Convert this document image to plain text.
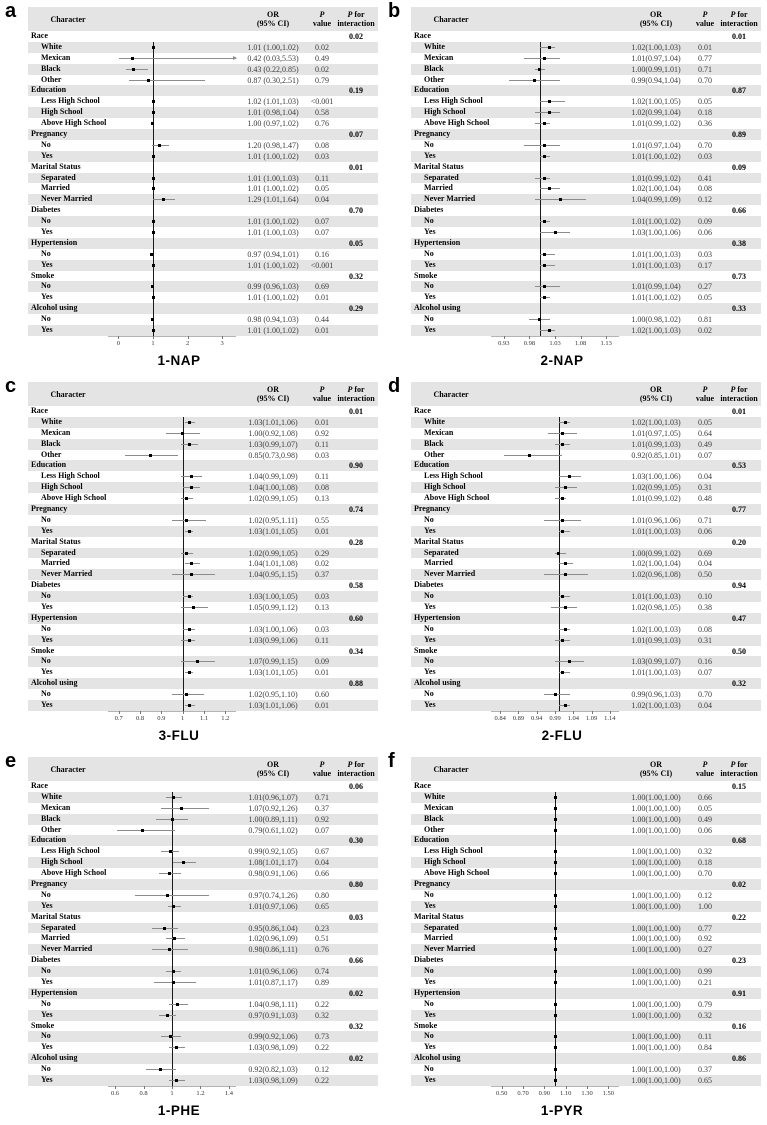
a	Character	OR
(95% CI)
P
value
P for
interaction
Race	0.02
White	1.01 (1.00,1.02)	0.02
Mexican	0.42 (0.03,5.53)	0.49
Black	0.43 (0.22,0.85)	0.02
Other	0.87 (0.30,2.51)	0.79
Education	0.19
Less High School	1.02 (1.01,1.03)	<0.001
High School	1.01 (0.98,1.04)	0.58
Above High School	1.00 (0.97,1.02)	0.76
Pregnancy	0.07
No	1.20 (0.98,1.47)	0.08
Yes	1.01 (1.00,1.02)	0.03
Marital Status	0.01
Separated	1.01 (1.00,1.03)	0.11
Married	1.01 (1.00,1.02)	0.05
Never Married	1.29 (1.01,1.64)	0.04
Diabetes	0.70
No	1.01 (1.00,1.02)	0.07
Yes	1.01 (1.00,1.03)	0.07
Hypertension	0.05
No	0.97 (0.94,1.01)	0.16
Yes	1.01 (1.00,1.02)	<0.001
Smoke	0.32
No	0.99 (0.96,1.03)	0.69
Yes	1.01 (1.00,1.02)	0.01
Alcohol using	0.29
No	0.98 (0.94,1.03)	0.44
Yes	1.01 (1.00,1.02)	0.01
0	1	2	3
1-NAP
b	Character	OR
(95% CI)
P
value
P for
interaction
Race	0.01
White	1.02(1.00,1.03)	0.01
Mexican	1.01(0.97,1.04)	0.77
Black	1.00(0.99,1.01)	0.71
Other	0.99(0.94,1.04)	0.70
Education	0.87
Less High School	1.02(1.00,1.05)	0.05
High School	1.02(0.99,1.04)	0.18
Above High School	1.01(0.99,1.02)	0.36
Pregnancy	0.89
No	1.01(0.97,1.04)	0.70
Yes	1.01(1.00,1.02)	0.03
Marital Status	0.09
Separated	1.01(0.99,1.02)	0.41
Married	1.02(1.00,1.04)	0.08
Never Married	1.04(0.99,1.09)	0.12
Diabetes	0.66
No	1.01(1.00,1.02)	0.09
Yes	1.03(1.00,1.06)	0.06
Hypertension	0.38
No	1.01(1.00,1.03)	0.03
Yes	1.01(1.00,1.03)	0.17
Smoke	0.73
No	1.01(0.99,1.04)	0.27
Yes	1.01(1.00,1.02)	0.05
Alcohol using	0.33
No	1.00(0.98,1.02)	0.81
Yes	1.02(1.00,1.03)	0.02
0.93 0.98 1.03 1.08 1.13
2-NAP
c	Character	OR
(95% CI)
P
value
P for
interaction
Race	0.01
White	1.03(1.01,1.06)	0.01
Mexican	1.00(0.92,1.08)	0.92
Black	1.03(0.99,1.07)	0.11
Other	0.85(0.73,0.98)	0.03
Education	0.90
Less High School	1.04(0.99,1.09)	0.11
High School	1.04(1.00,1.08)	0.08
Above High School	1.02(0.99,1.05)	0.13
Pregnancy	0.74
No	1.02(0.95,1.11)	0.55
Yes	1.03(1.01,1.05)	0.01
Marital Status	0.28
Separated	1.02(0.99,1.05)	0.29
Married	1.04(1.01,1.08)	0.02
Never Married	1.04(0.95,1.15)	0.37
Diabetes	0.58
No	1.03(1.00,1.05)	0.03
Yes	1.05(0.99,1.12)	0.13
Hypertension	0.60
No	1.03(1.00,1.06)	0.03
Yes	1.03(0.99,1.06)	0.11
Smoke	0.34
No	1.07(0.99,1.15)	0.09
Yes	1.03(1.01,1.05)	0.01
Alcohol using	0.88
No	1.02(0.95,1.10)	0.60
Yes	1.03(1.01,1.06)	0.01
0.7 0.8 0.9 1 1.1 1.2
3-FLU
d	Character	OR
(95% CI)
P
value
P for
interaction
Race	0.01
White	1.02(1.00,1.03)	0.05
Mexican	1.01(0.97,1.05)	0.64
Black	1.01(0.99,1.03)	0.49
Other	0.92(0.85,1.01)	0.07
Education	0.53
Less High School	1.03(1.00,1.06)	0.04
High School	1.02(0.99,1.05)	0.31
Above High School	1.01(0.99,1.02)	0.48
Pregnancy	0.77
No	1.01(0.96,1.06)	0.71
Yes	1.01(1.00,1.03)	0.06
Marital Status	0.20
Separated	1.00(0.99,1.02)	0.69
Married	1.02(1.00,1.04)	0.04
Never Married	1.02(0.96,1.08)	0.50
Diabetes	0.94
No	1.01(1.00,1.03)	0.10
Yes	1.02(0.98,1.05)	0.38
Hypertension	0.47
No	1.02(1.00,1.03)	0.08
Yes	1.01(0.99,1.03)	0.31
Smoke	0.50
No	1.03(0.99,1.07)	0.16
Yes	1.01(1.00,1.03)	0.07
Alcohol using	0.32
No	0.99(0.96,1.03)	0.70
Yes	1.02(1.00,1.03)	0.04
0.84 0.89 0.94 0.99 1.04 1.09 1.14
2-FLU
e	Character	OR
(95% CI)
P
value
P for
interaction
Race	0.06
White	1.01(0.96,1.07)	0.71
Mexican	1.07(0.92,1.26)	0.37
Black	1.00(0.89,1.11)	0.92
Other	0.79(0.61,1.02)	0.07
Education	0.30
Less High School	0.99(0.92,1.05)	0.67
High School	1.08(1.01,1.17)	0.04
Above High School	0.98(0.91,1.06)	0.66
Pregnancy	0.80
No	0.97(0.74,1.26)	0.80
Yes	1.01(0.97,1.06)	0.65
Marital Status	0.03
Separated	0.95(0.86,1.04)	0.23
Married	1.02(0.96,1.09)	0.51
Never Married	0.98(0.86,1.11)	0.76
Diabetes	0.66
No	1.01(0.96,1.06)	0.74
Yes	1.01(0.87,1.17)	0.89
Hypertension	0.02
No	1.04(0.98,1.11)	0.22
Yes	0.97(0.91,1.03)	0.32
Smoke	0.32
No	0.99(0.92,1.06)	0.73
Yes	1.03(0.98,1.09)	0.22
Alcohol using	0.02
No	0.92(0.82,1.03)	0.12
Yes	1.03(0.98,1.09)	0.22
0.6	0.8	1	1.2	1.4
1-PHE
f	Character	OR
(95% CI)
P
value
P for
interaction
Race	0.15
White	1.00(1.00,1.00)	0.66
Mexican	1.00(1.00,1.00)	0.05
Black	1.00(1.00,1.00)	0.49
Other	1.00(1.00,1.00)	0.06
Education	0.68
Less High School	1.00(1.00,1.00)	0.32
High School	1.00(1.00,1.00)	0.18
Above High School	1.00(1.00,1.00)	0.70
Pregnancy	0.02
No	1.00(1.00,1.00)	0.12
Yes	1.00(1.00,1.00)	1.00
Marital Status	0.22
Separated	1.00(1.00,1.00)	0.77
Married	1.00(1.00,1.00)	0.92
Never Married	1.00(1.00,1.00)	0.27
Diabetes	0.23
No	1.00(1.00,1.00)	0.99
Yes	1.00(1.00,1.00)	0.21
Hypertension	0.91
No	1.00(1.00,1.00)	0.79
Yes	1.00(1.00,1.00)	0.32
Smoke	0.16
No	1.00(1.00,1.00)	0.11
Yes	1.00(1.00,1.00)	0.84
Alcohol using	0.86
No	1.00(1.00,1.00)	0.37
Yes	1.00(1.00,1.00)	0.65
0.50 0.70 0.90 1.10 1.30 1.50
1-PYR
